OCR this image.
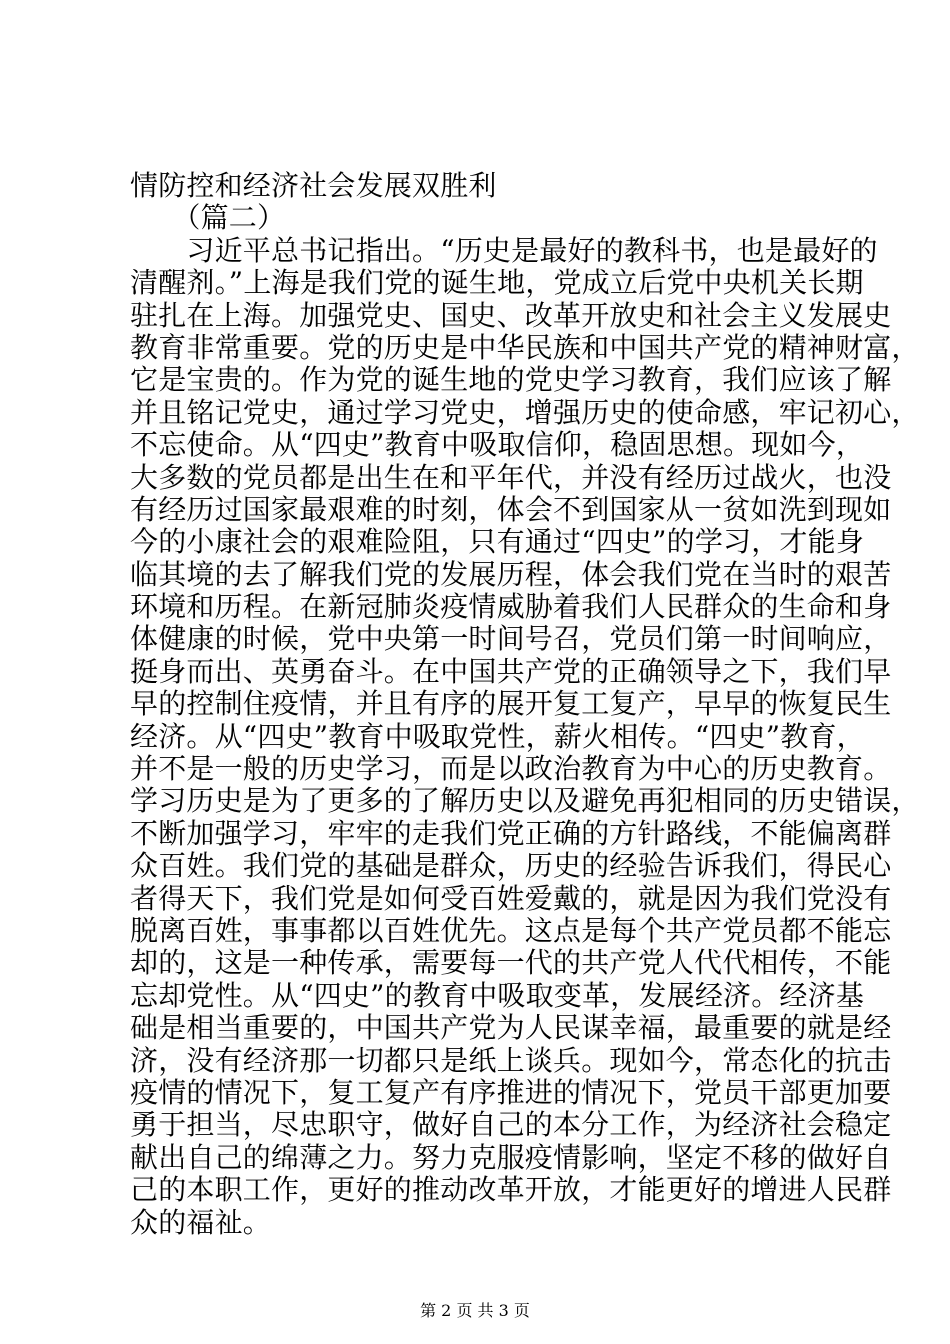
情防控和经济社会发展双胜利
　　（篇二）
　　习近平总书记指出。“历史是最好的教科书，也是最好的
清醒剂。”上海是我们党的诞生地，党成立后党中央机关长期
驻扎在上海。加强党史、国史、改革开放史和社会主义发展史
教育非常重要。党的历史是中华民族和中国共产党的精神财富，
它是宝贵的。作为党的诞生地的党史学习教育，我们应该了解
并且铭记党史，通过学习党史，增强历史的使命感，牢记初心，
不忘使命。从“四史”教育中吸取信仰，稳固思想。现如今，
大多数的党员都是出生在和平年代，并没有经历过战火，也没
有经历过国家最艰难的时刻，体会不到国家从一贫如洗到现如
今的小康社会的艰难险阻，只有通过“四史”的学习，才能身
临其境的去了解我们党的发展历程，体会我们党在当时的艰苦
环境和历程。在新冠肺炎疫情威胁着我们人民群众的生命和身
体健康的时候，党中央第一时间号召，党员们第一时间响应，
挺身而出、英勇奋斗。在中国共产党的正确领导之下，我们早
早的控制住疫情，并且有序的展开复工复产，早早的恢复民生
经济。从“四史”教育中吸取党性，薪火相传。“四史”教育，
并不是一般的历史学习，而是以政治教育为中心的历史教育。
学习历史是为了更多的了解历史以及避免再犯相同的历史错误，
不断加强学习，牢牢的走我们党正确的方针路线，不能偏离群
众百姓。我们党的基础是群众，历史的经验告诉我们，得民心
者得天下，我们党是如何受百姓爱戴的，就是因为我们党没有
脱离百姓，事事都以百姓优先。这点是每个共产党员都不能忘
却的，这是一种传承，需要每一代的共产党人代代相传，不能
忘却党性。从“四史”的教育中吸取变革，发展经济。经济基
础是相当重要的，中国共产党为人民谋幸福，最重要的就是经
济，没有经济那一切都只是纸上谈兵。现如今，常态化的抗击
疫情的情况下，复工复产有序推进的情况下，党员干部更加要
勇于担当，尽忠职守，做好自己的本分工作，为经济社会稳定
献出自己的绵薄之力。努力克服疫情影响，坚定不移的做好自
己的本职工作，更好的推动改革开放，才能更好的增进人民群
众的福祉。
第 2 页 共 3 页
